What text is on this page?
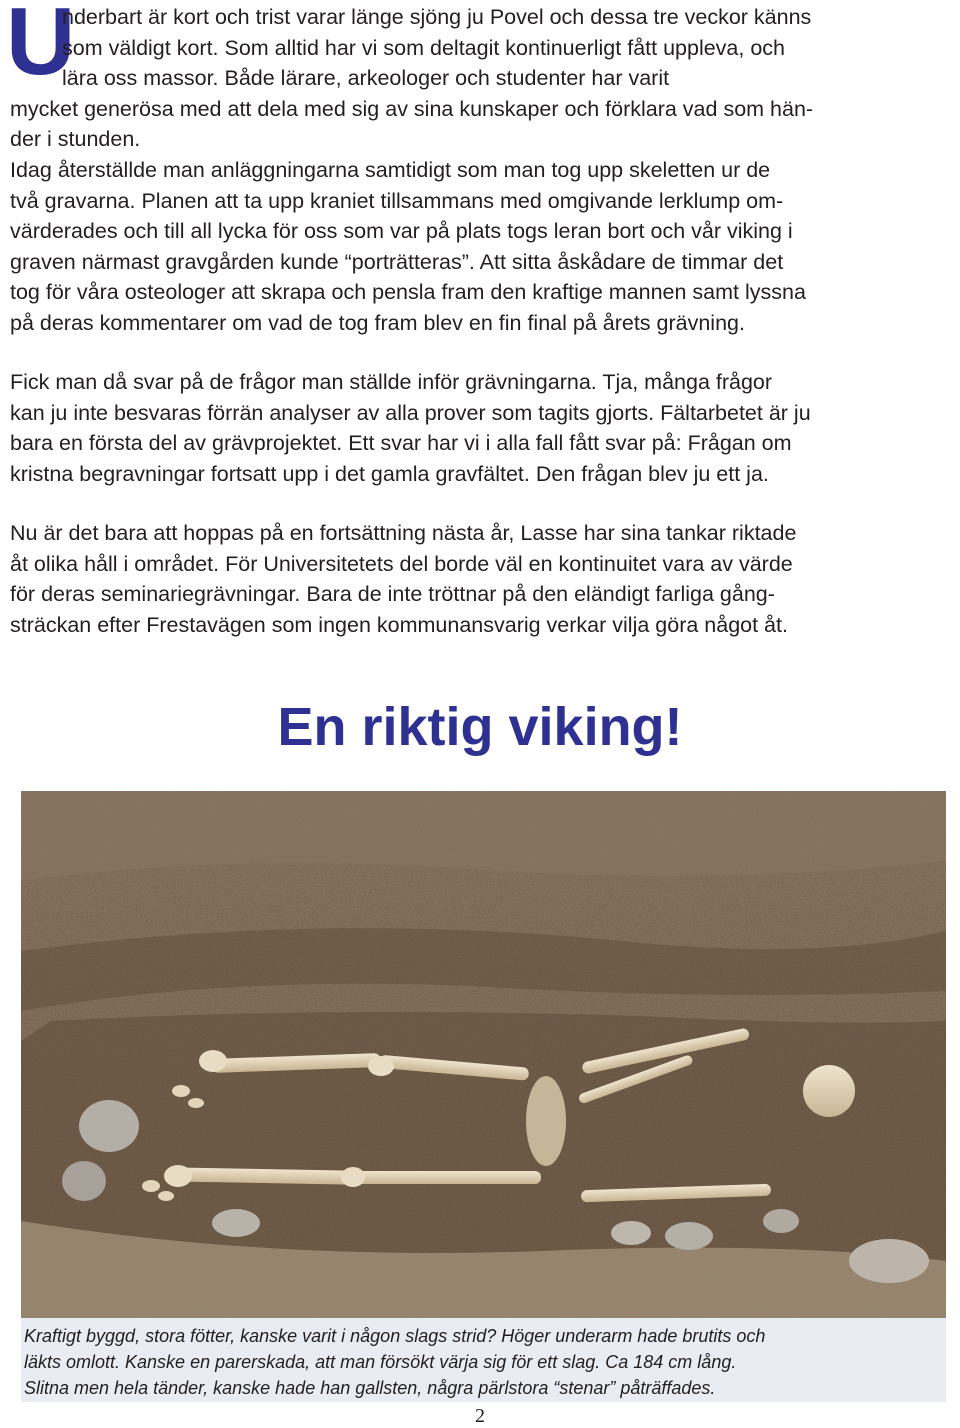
U
nderbart är kort och trist varar länge sjöng ju Povel och dessa tre veckor känns
som väldigt kort. Som alltid har vi som deltagit kontinuerligt fått uppleva, och
lära oss massor. Både lärare, arkeologer och studenter har varit
mycket generösa med att dela med sig av sina kunskaper och förklara vad som hän-
der i stunden.
Idag återställde man anläggningarna samtidigt som man tog upp skeletten ur de
två gravarna. Planen att ta upp kraniet tillsammans med omgivande lerklump om-
värderades och till all lycka för oss som var på plats togs leran bort och vår viking i
graven närmast gravgården kunde “porträtteras”. Att sitta åskådare de timmar det
tog för våra osteologer att skrapa och pensla fram den kraftige mannen samt lyssna
på deras kommentarer om vad de tog fram blev en fin final på årets grävning.
Fick man då svar på de frågor man ställde inför grävningarna. Tja, många frågor
kan ju inte besvaras förrän analyser av alla prover som tagits gjorts. Fältarbetet är ju
bara en första del av grävprojektet. Ett svar har vi i alla fall fått svar på: Frågan om
kristna begravningar fortsatt upp i det gamla gravfältet. Den frågan blev ju ett ja.
Nu är det bara att hoppas på en fortsättning nästa år, Lasse har sina tankar riktade
åt olika håll i området. För Universitetets del borde väl en kontinuitet vara av värde
för deras seminariegrävningar. Bara de inte tröttnar på den eländigt farliga gång-
sträckan efter Frestavägen som ingen kommunansvarig verkar vilja göra något åt.
En riktig viking!
Kraftigt byggd, stora fötter, kanske varit i någon slags strid? Höger underarm hade brutits och
läkts omlott. Kanske en parerskada, att man försökt värja sig för ett slag. Ca 184 cm lång.
Slitna men hela tänder, kanske hade han gallsten, några pärlstora “stenar” påträffades.
2
